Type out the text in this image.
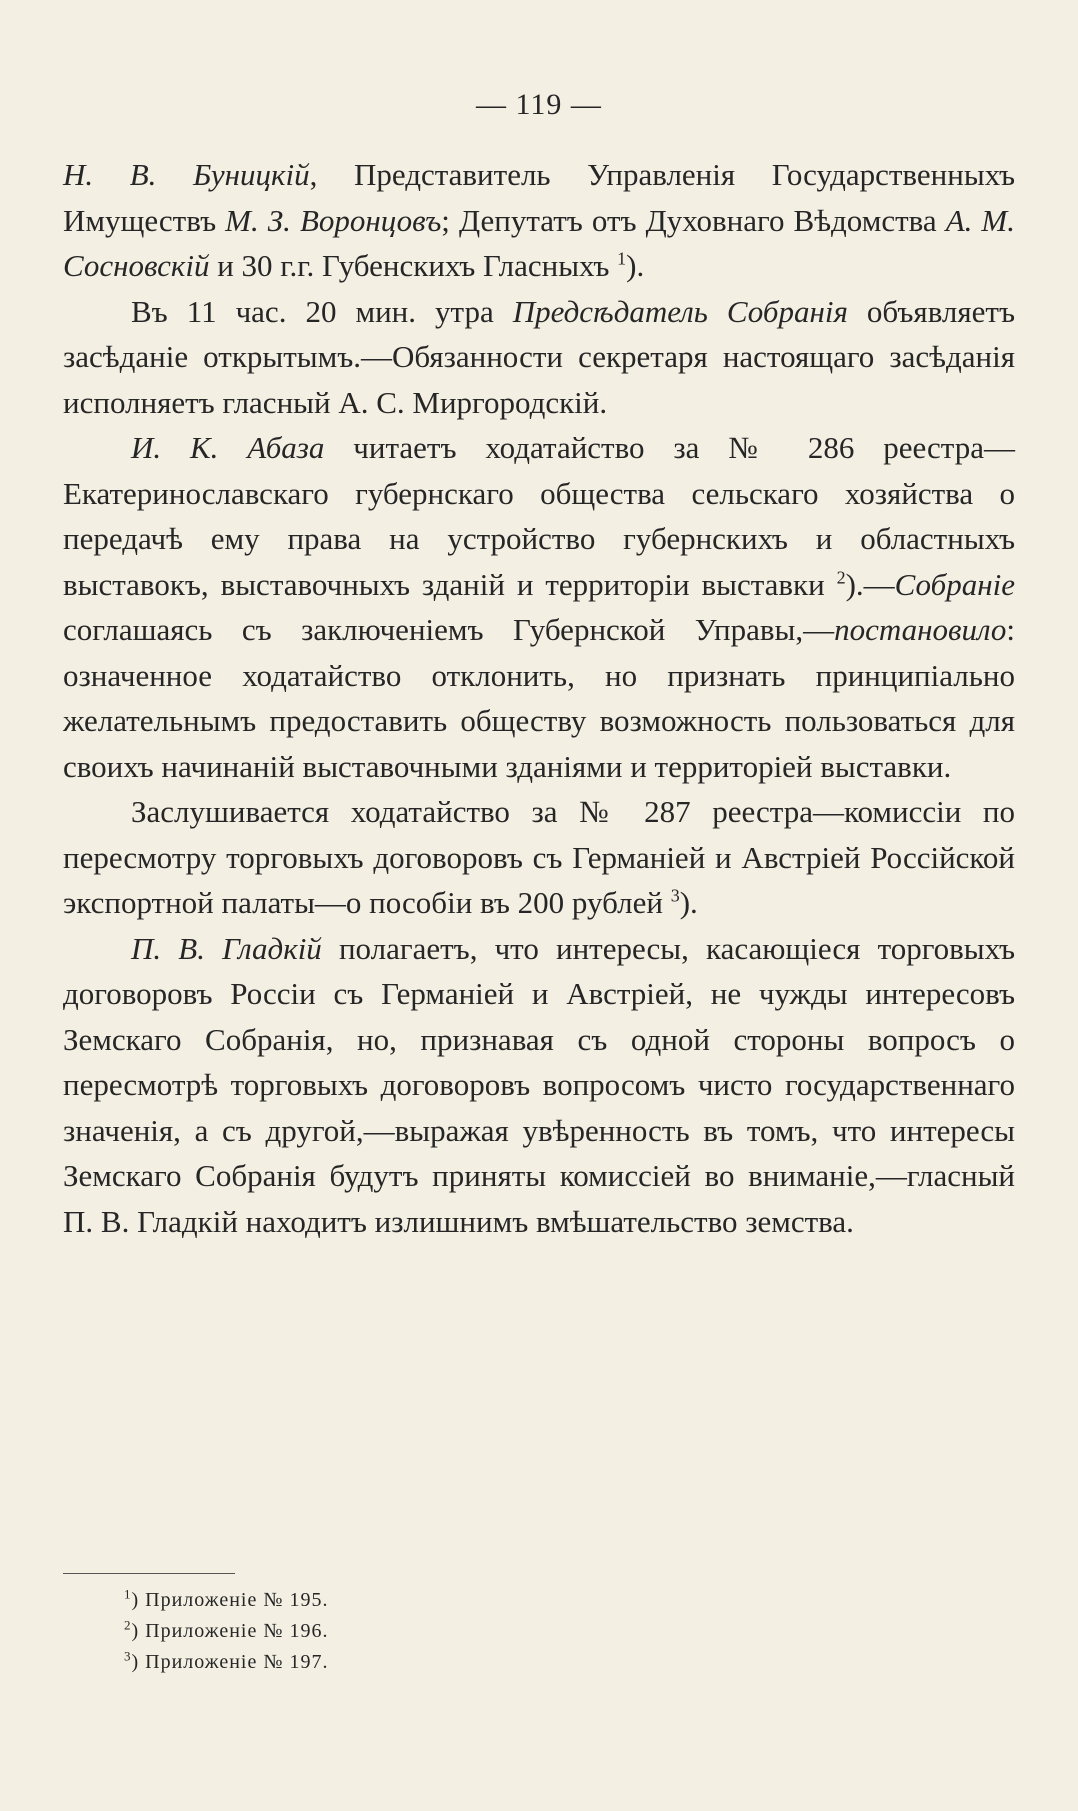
— 119 —

Н. В. Буницкій, Представитель Управленія Государственныхъ Имуществъ М. З. Воронцовъ; Депутатъ отъ Духовнаго Вѣдомства А. М. Сосновскій и 30 г.г. Губенскихъ Гласныхъ $^1$).

Въ 11 час. 20 мин. утра Предсѣдатель Собранія объявляетъ засѣданіе открытымъ.—Обязанности секретаря настоящаго засѣданія исполняетъ гласный А. С. Миргородскій.

И. К. Абаза читаетъ ходатайство за № 286 реестра—Екатеринославскаго губернскаго общества сельскаго хозяйства о передачѣ ему права на устройство губернскихъ и областныхъ выставокъ, выставочныхъ зданій и территоріи выставки $^2$).—Собраніе соглашаясь съ заключеніемъ Губернской Управы,—постановило: означенное ходатайство отклонить, но признать принципіально желательнымъ предоставить обществу возможность пользоваться для своихъ начинаній выставочными зданіями и территоріей выставки.

Заслушивается ходатайство за № 287 реестра—комиссіи по пересмотру торговыхъ договоровъ съ Германіей и Австріей Россійской экспортной палаты—о пособіи въ 200 рублей $^3$).

П. В. Гладкій полагаетъ, что интересы, касающіеся торговыхъ договоровъ Россіи съ Германіей и Австріей, не чужды интересовъ Земскаго Собранія, но, признавая съ одной стороны вопросъ о пересмотрѣ торговыхъ договоровъ вопросомъ чисто государственнаго значенія, а съ другой,—выражая увѣренность въ томъ, что интересы Земскаго Собранія будутъ приняты комиссіей во вниманіе,—гласный П. В. Гладкій находитъ излишнимъ вмѣшательство земства.

$^1$) Приложеніе № 195.
$^2$) Приложеніе № 196.
$^3$) Приложеніе № 197.
